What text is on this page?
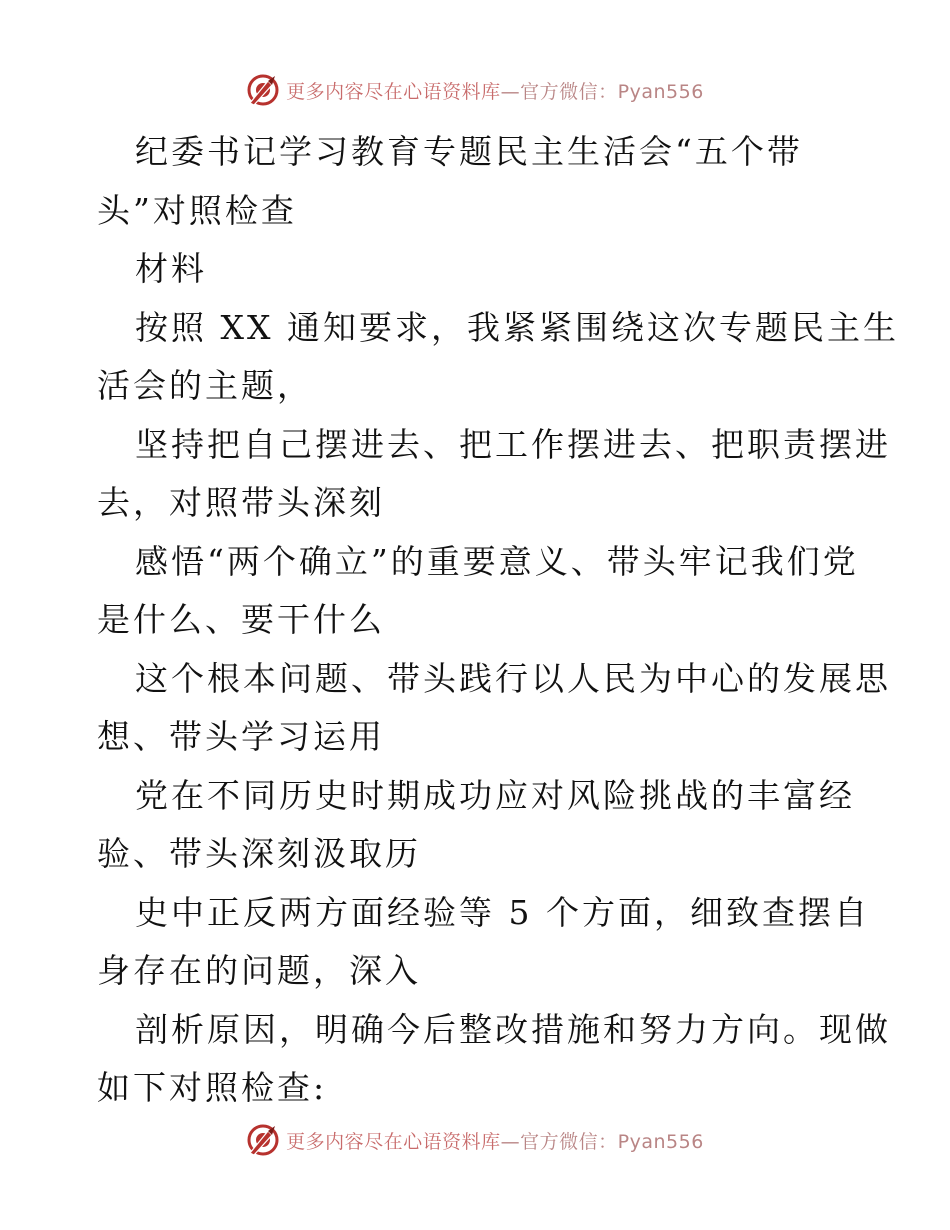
更多内容尽在心语资料库—官方微信：Pyan556
纪委书记学习教育专题民主生活会“五个带
头”对照检查
材料
按照 XX 通知要求，我紧紧围绕这次专题民主生
活会的主题，
坚持把自己摆进去、把工作摆进去、把职责摆进
去，对照带头深刻
感悟“两个确立”的重要意义、带头牢记我们党
是什么、要干什么
这个根本问题、带头践行以人民为中心的发展思
想、带头学习运用
党在不同历史时期成功应对风险挑战的丰富经
验、带头深刻汲取历
史中正反两方面经验等 5 个方面，细致查摆自
身存在的问题，深入
剖析原因，明确今后整改措施和努力方向。现做
如下对照检查:
更多内容尽在心语资料库—官方微信：Pyan556
